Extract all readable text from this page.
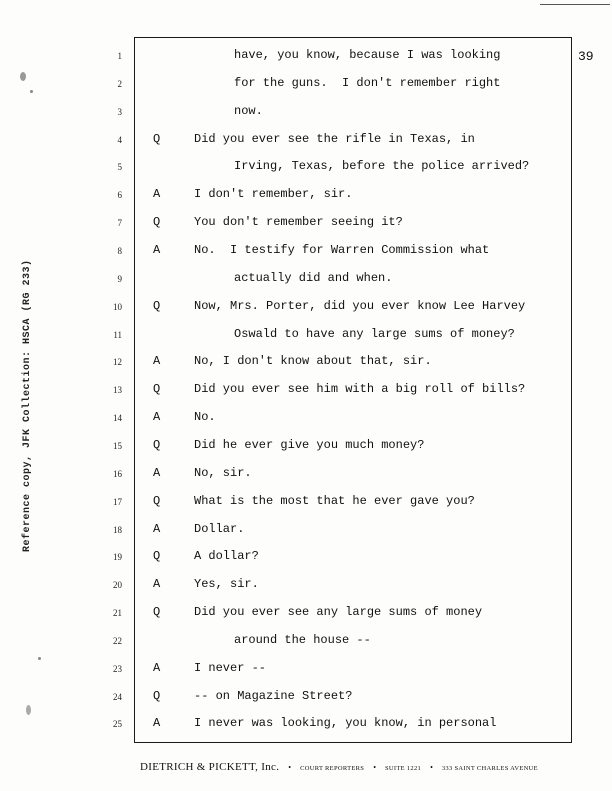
Reference copy, JFK Collection: HSCA (RG 233)
39
1	have, you know, because I was looking
2	for the guns.  I don't remember right
3	now.
4	Q	Did you ever see the rifle in Texas, in
5	Irving, Texas, before the police arrived?
6	A	I don't remember, sir.
7	Q	You don't remember seeing it?
8	A	No.  I testify for Warren Commission what
9	actually did and when.
10	Q	Now, Mrs. Porter, did you ever know Lee Harvey
11	Oswald to have any large sums of money?
12	A	No, I don't know about that, sir.
13	Q	Did you ever see him with a big roll of bills?
14	A	No.
15	Q	Did he ever give you much money?
16	A	No, sir.
17	Q	What is the most that he ever gave you?
18	A	Dollar.
19	Q	A dollar?
20	A	Yes, sir.
21	Q	Did you ever see any large sums of money
22	around the house --
23	A	I never --
24	Q	-- on Magazine Street?
25	A	I never was looking, you know, in personal
DIETRICH & PICKETT, Inc. • COURT REPORTERS • SUITE 1221 • 333 SAINT CHARLES AVENUE
